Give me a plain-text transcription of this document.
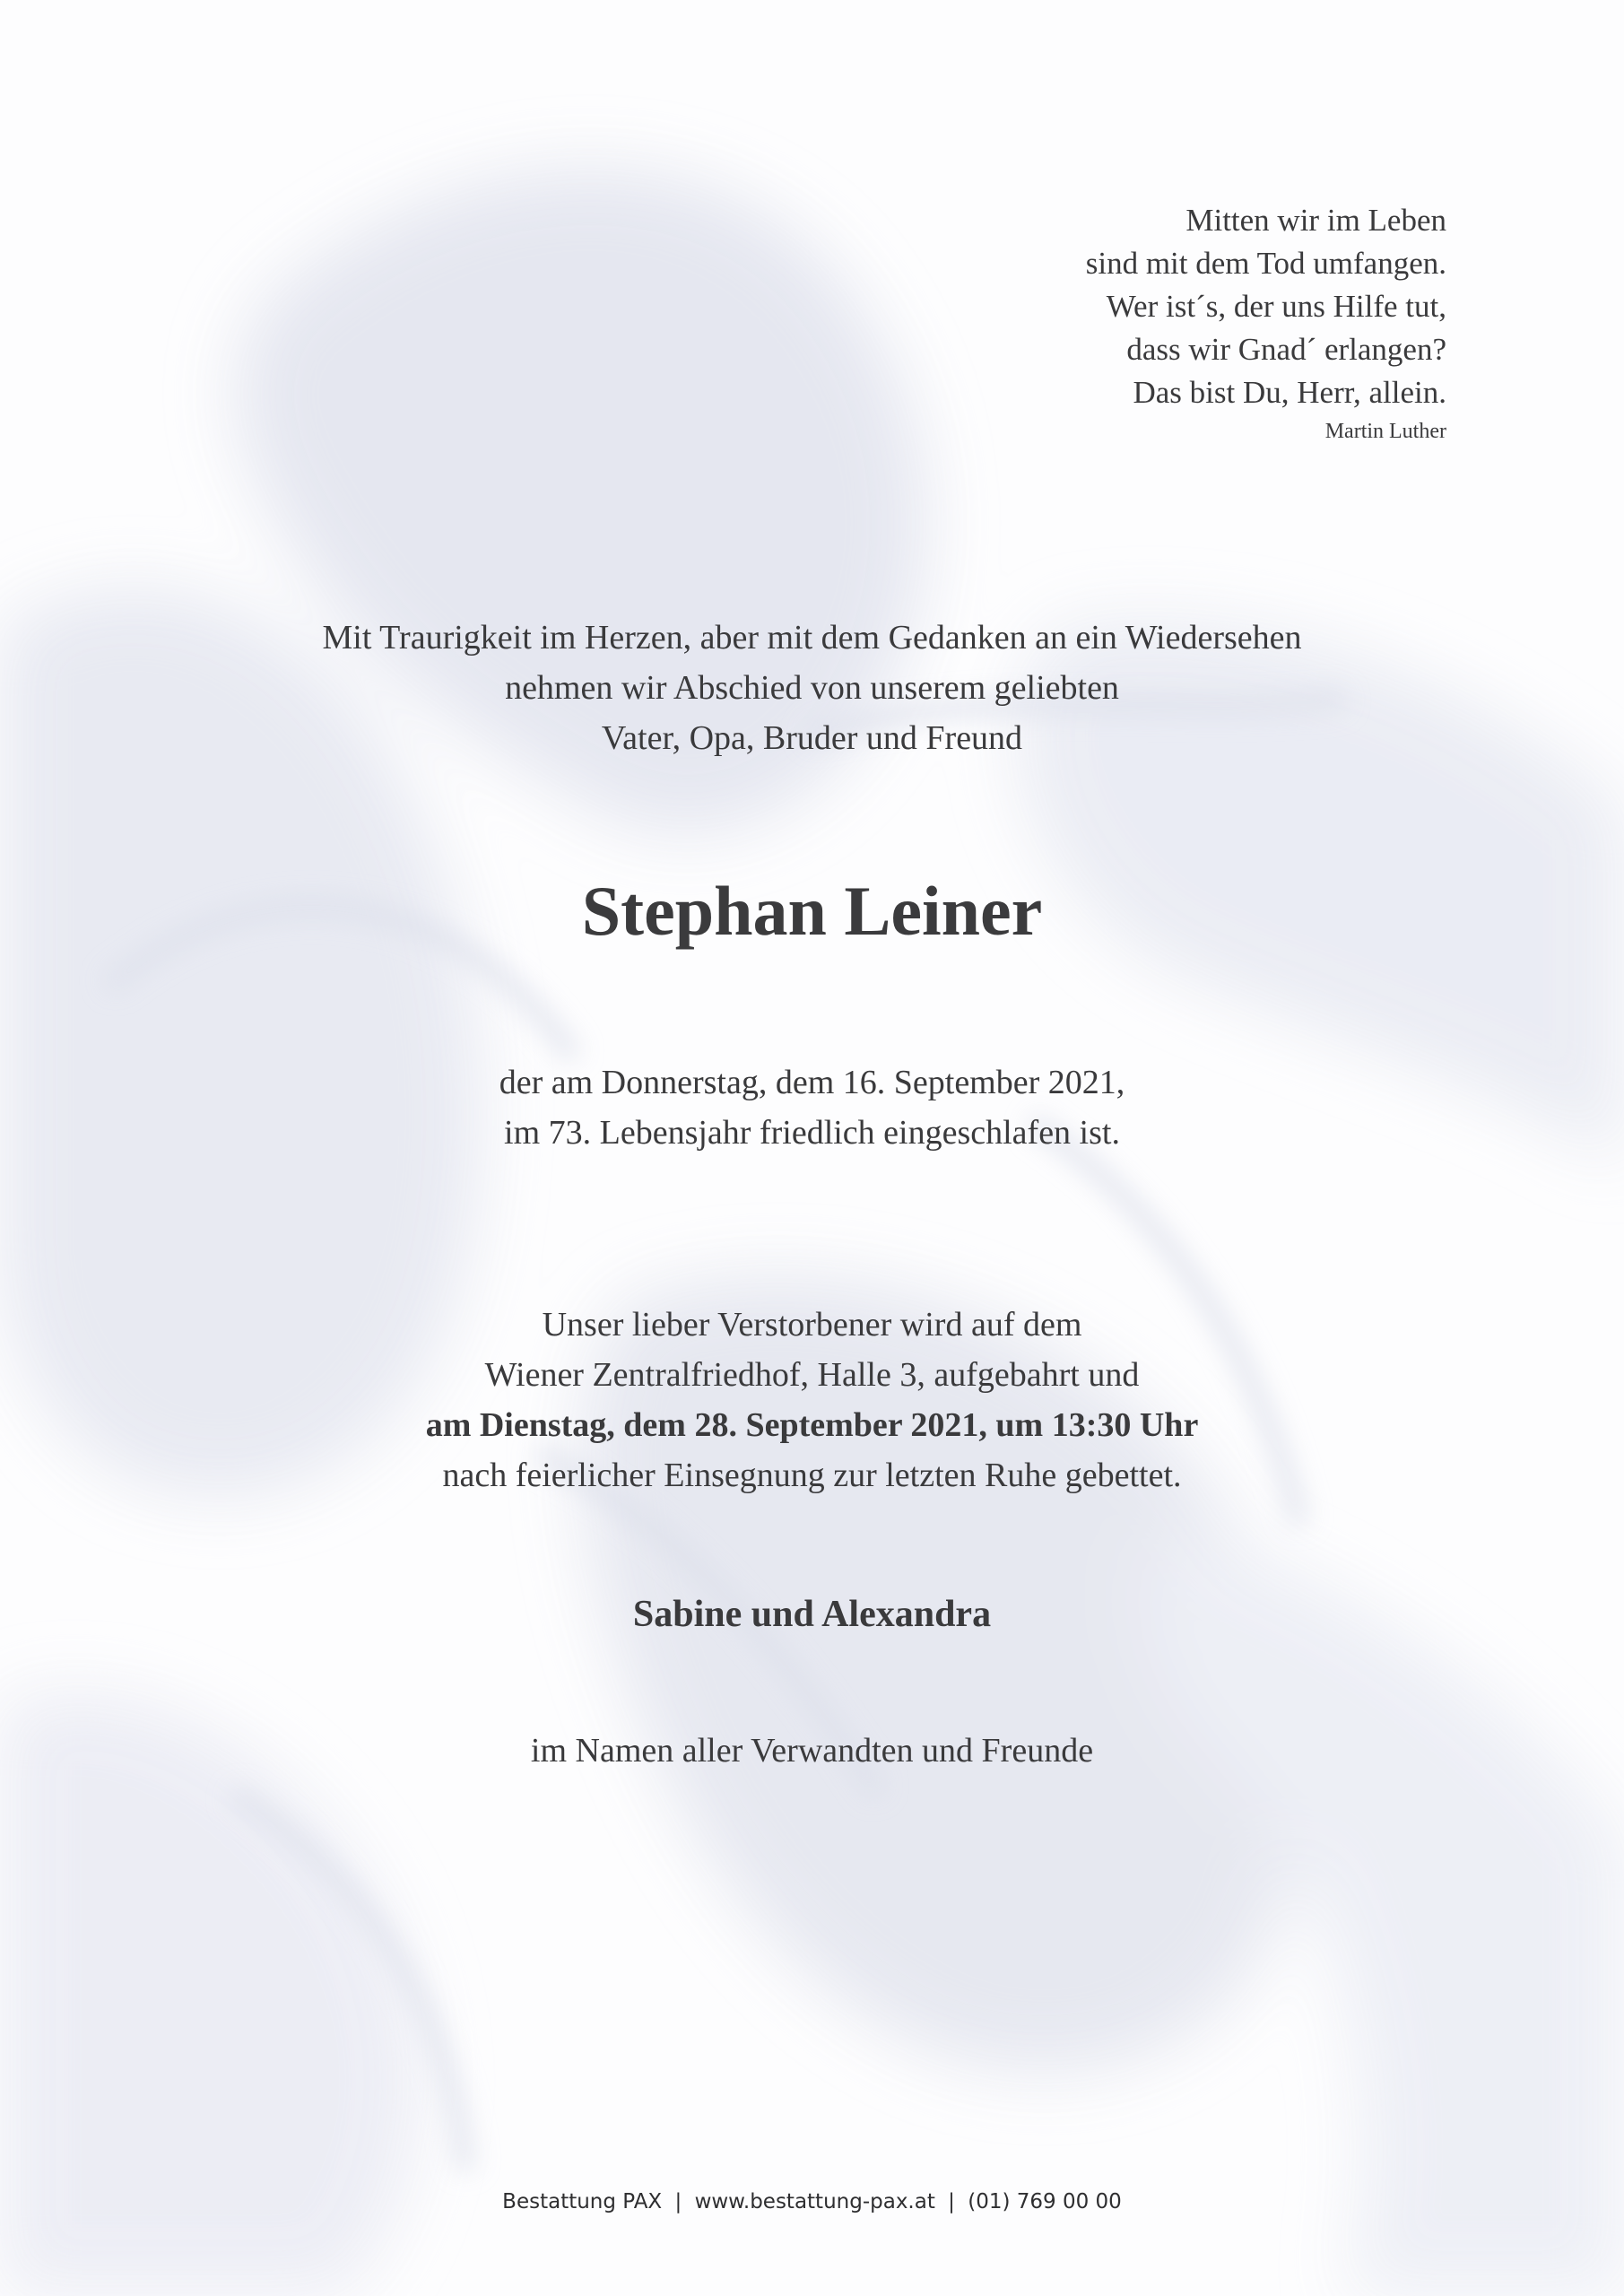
Mitten wir im Leben
sind mit dem Tod umfangen.
Wer ist´s, der uns Hilfe tut,
dass wir Gnad´ erlangen?
Das bist Du, Herr, allein.
Martin Luther
Mit Traurigkeit im Herzen, aber mit dem Gedanken an ein Wiedersehen
nehmen wir Abschied von unserem geliebten
Vater, Opa, Bruder und Freund
Stephan Leiner
der am Donnerstag, dem 16. September 2021,
im 73. Lebensjahr friedlich eingeschlafen ist.
Unser lieber Verstorbener wird auf dem
Wiener Zentralfriedhof, Halle 3, aufgebahrt und
am Dienstag, dem 28. September 2021, um 13:30 Uhr
nach feierlicher Einsegnung zur letzten Ruhe gebettet.
Sabine und Alexandra
im Namen aller Verwandten und Freunde
Bestattung PAX | www.bestattung-pax.at | (01) 769 00 00
